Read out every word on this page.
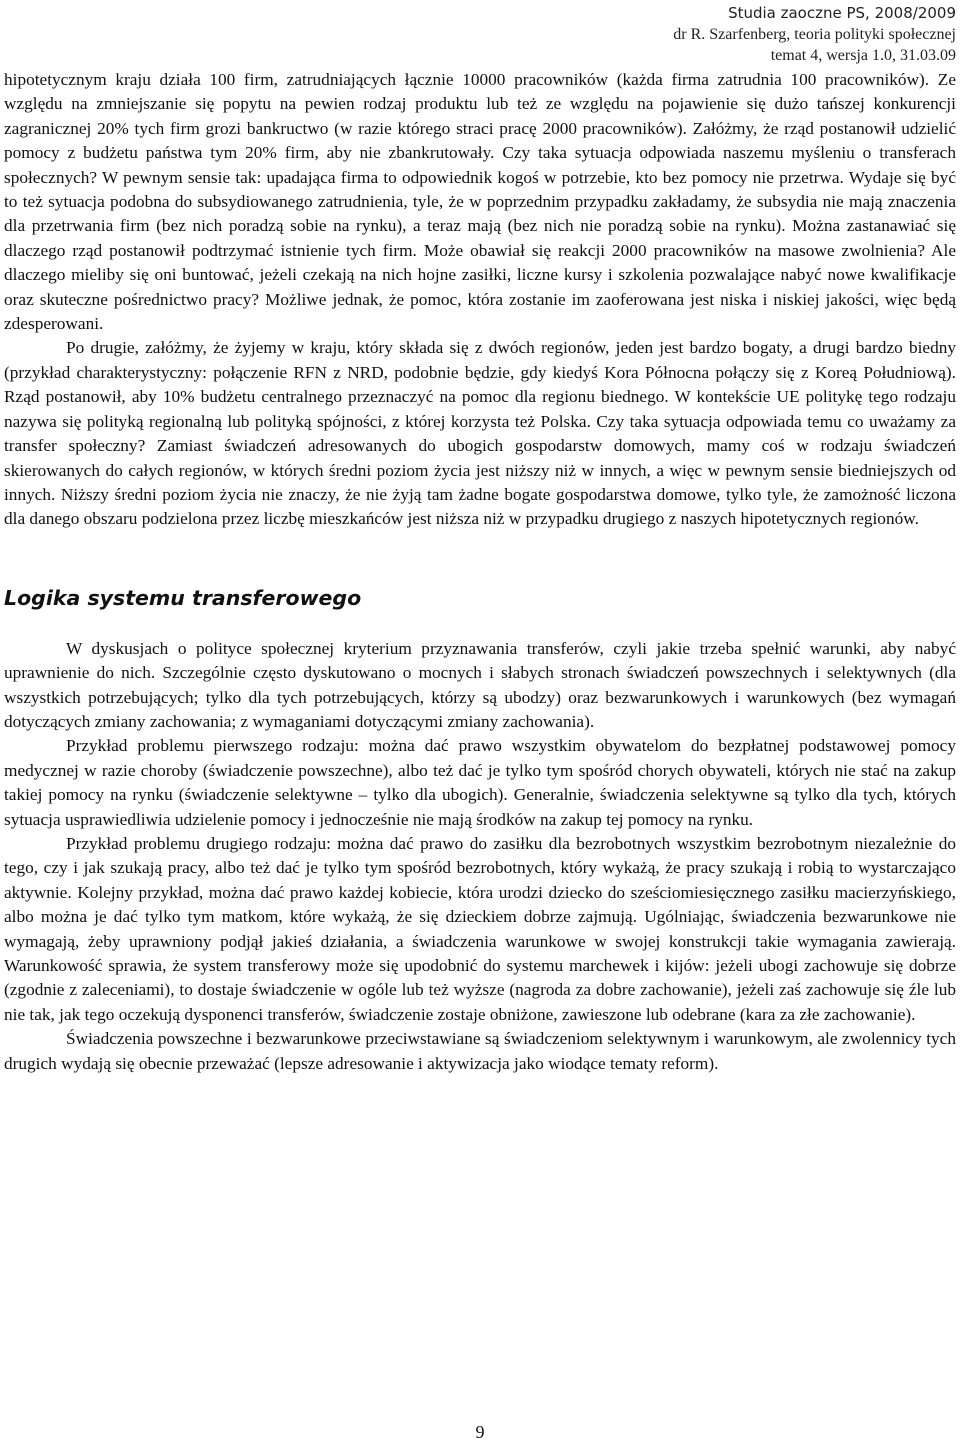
Studia zaoczne PS, 2008/2009
dr R. Szarfenberg, teoria polityki społecznej
temat 4, wersja 1.0, 31.03.09

hipotetycznym kraju działa 100 firm, zatrudniających łącznie 10000 pracowników (każda firma zatrudnia 100 pracowników). Ze względu na zmniejszanie się popytu na pewien rodzaj produktu lub też ze względu na pojawienie się dużo tańszej konkurencji zagranicznej 20% tych firm grozi bankructwo (w razie którego straci pracę 2000 pracowników). Załóżmy, że rząd postanowił udzielić pomocy z budżetu państwa tym 20% firm, aby nie zbankrutowały. Czy taka sytuacja odpowiada naszemu myśleniu o transferach społecznych? W pewnym sensie tak: upadająca firma to odpowiednik kogoś w potrzebie, kto bez pomocy nie przetrwa. Wydaje się być to też sytuacja podobna do subsydiowanego zatrudnienia, tyle, że w poprzednim przypadku zakładamy, że subsydia nie mają znaczenia dla przetrwania firm (bez nich poradzą sobie na rynku), a teraz mają (bez nich nie poradzą sobie na rynku). Można zastanawiać się dlaczego rząd postanowił podtrzymać istnienie tych firm. Może obawiał się reakcji 2000 pracowników na masowe zwolnienia? Ale dlaczego mieliby się oni buntować, jeżeli czekają na nich hojne zasiłki, liczne kursy i szkolenia pozwalające nabyć nowe kwalifikacje oraz skuteczne pośrednictwo pracy? Możliwe jednak, że pomoc, która zostanie im zaoferowana jest niska i niskiej jakości, więc będą zdesperowani.

Po drugie, załóżmy, że żyjemy w kraju, który składa się z dwóch regionów, jeden jest bardzo bogaty, a drugi bardzo biedny (przykład charakterystyczny: połączenie RFN z NRD, podobnie będzie, gdy kiedyś Kora Północna połączy się z Koreą Południową). Rząd postanowił, aby 10% budżetu centralnego przeznaczyć na pomoc dla regionu biednego. W kontekście UE politykę tego rodzaju nazywa się polityką regionalną lub polityką spójności, z której korzysta też Polska. Czy taka sytuacja odpowiada temu co uważamy za transfer społeczny? Zamiast świadczeń adresowanych do ubogich gospodarstw domowych, mamy coś w rodzaju świadczeń skierowanych do całych regionów, w których średni poziom życia jest niższy niż w innych, a więc w pewnym sensie biedniejszych od innych. Niższy średni poziom życia nie znaczy, że nie żyją tam żadne bogate gospodarstwa domowe, tylko tyle, że zamożność liczona dla danego obszaru podzielona przez liczbę mieszkańców jest niższa niż w przypadku drugiego z naszych hipotetycznych regionów.

Logika systemu transferowego

W dyskusjach o polityce społecznej kryterium przyznawania transferów, czyli jakie trzeba spełnić warunki, aby nabyć uprawnienie do nich. Szczególnie często dyskutowano o mocnych i słabych stronach świadczeń powszechnych i selektywnych (dla wszystkich potrzebujących; tylko dla tych potrzebujących, którzy są ubodzy) oraz bezwarunkowych i warunkowych (bez wymagań dotyczących zmiany zachowania; z wymaganiami dotyczącymi zmiany zachowania).

Przykład problemu pierwszego rodzaju: można dać prawo wszystkim obywatelom do bezpłatnej podstawowej pomocy medycznej w razie choroby (świadczenie powszechne), albo też dać je tylko tym spośród chorych obywateli, których nie stać na zakup takiej pomocy na rynku (świadczenie selektywne – tylko dla ubogich). Generalnie, świadczenia selektywne są tylko dla tych, których sytuacja usprawiedliwia udzielenie pomocy i jednocześnie nie mają środków na zakup tej pomocy na rynku.

Przykład problemu drugiego rodzaju: można dać prawo do zasiłku dla bezrobotnych wszystkim bezrobotnym niezależnie do tego, czy i jak szukają pracy, albo też dać je tylko tym spośród bezrobotnych, który wykażą, że pracy szukają i robią to wystarczająco aktywnie. Kolejny przykład, można dać prawo każdej kobiecie, która urodzi dziecko do sześciomiesięcznego zasiłku macierzyńskiego, albo można je dać tylko tym matkom, które wykażą, że się dzieckiem dobrze zajmują. Ugólniając, świadczenia bezwarunkowe nie wymagają, żeby uprawniony podjął jakieś działania, a świadczenia warunkowe w swojej konstrukcji takie wymagania zawierają. Warunkowość sprawia, że system transferowy może się upodobnić do systemu marchewek i kijów: jeżeli ubogi zachowuje się dobrze (zgodnie z zaleceniami), to dostaje świadczenie w ogóle lub też wyższe (nagroda za dobre zachowanie), jeżeli zaś zachowuje się źle lub nie tak, jak tego oczekują dysponenci transferów, świadczenie zostaje obniżone, zawieszone lub odebrane (kara za złe zachowanie).

Świadczenia powszechne i bezwarunkowe przeciwstawiane są świadczeniom selektywnym i warunkowym, ale zwolennicy tych drugich wydają się obecnie przeważać (lepsze adresowanie i aktywizacja jako wiodące tematy reform).

9
